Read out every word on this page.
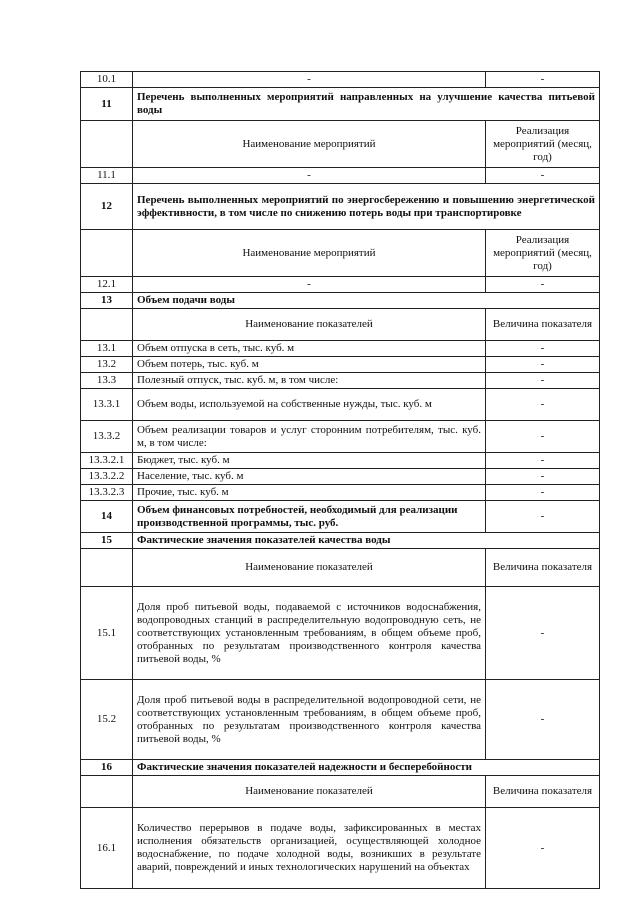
10.1	-	-
11	Перечень выполненных мероприятий направленных на улучшение качества питьевой воды	
	Наименование мероприятий	Реализация мероприятий (месяц, год)
11.1	-	-
12	Перечень выполненных мероприятий по энергосбережению и повышению энергетической эффективности, в том числе по снижению потерь воды при транспортировке	
	Наименование мероприятий	Реализация мероприятий (месяц, год)
12.1	-	-
13	Объем подачи воды	
	Наименование показателей	Величина показателя
13.1	Объем отпуска в сеть, тыс. куб. м	-
13.2	Объем потерь, тыс. куб. м	-
13.3	Полезный отпуск, тыс. куб. м, в том числе:	-
13.3.1	Объем воды, используемой на собственные нужды, тыс. куб. м	-
13.3.2	Объем реализации товаров и услуг сторонним потребителям, тыс. куб. м, в том числе:	-
13.3.2.1	Бюджет, тыс. куб. м	-
13.3.2.2	Население, тыс. куб. м	-
13.3.2.3	Прочие, тыс. куб. м	-
14	Объем финансовых потребностей, необходимый для реализации производственной программы, тыс. руб.	-
15	Фактические значения показателей качества воды	
	Наименование показателей	Величина показателя
15.1	Доля проб питьевой воды, подаваемой с источников водоснабжения, водопроводных станций в распределительную водопроводную сеть, не соответствующих установленным требованиям, в общем объеме проб, отобранных по результатам производственного контроля качества питьевой воды, %	-
15.2	Доля проб питьевой воды в распределительной водопроводной сети, не соответствующих установленным требованиям, в общем объеме проб, отобранных по результатам производственного контроля качества питьевой воды, %	-
16	Фактические значения показателей надежности и бесперебойности	
	Наименование показателей	Величина показателя
16.1	Количество перерывов в подаче воды, зафиксированных в местах исполнения обязательств организацией, осуществляющей холодное водоснабжение, по подаче холодной воды, возникших в результате аварий, повреждений и иных технологических нарушений на объектах	-
